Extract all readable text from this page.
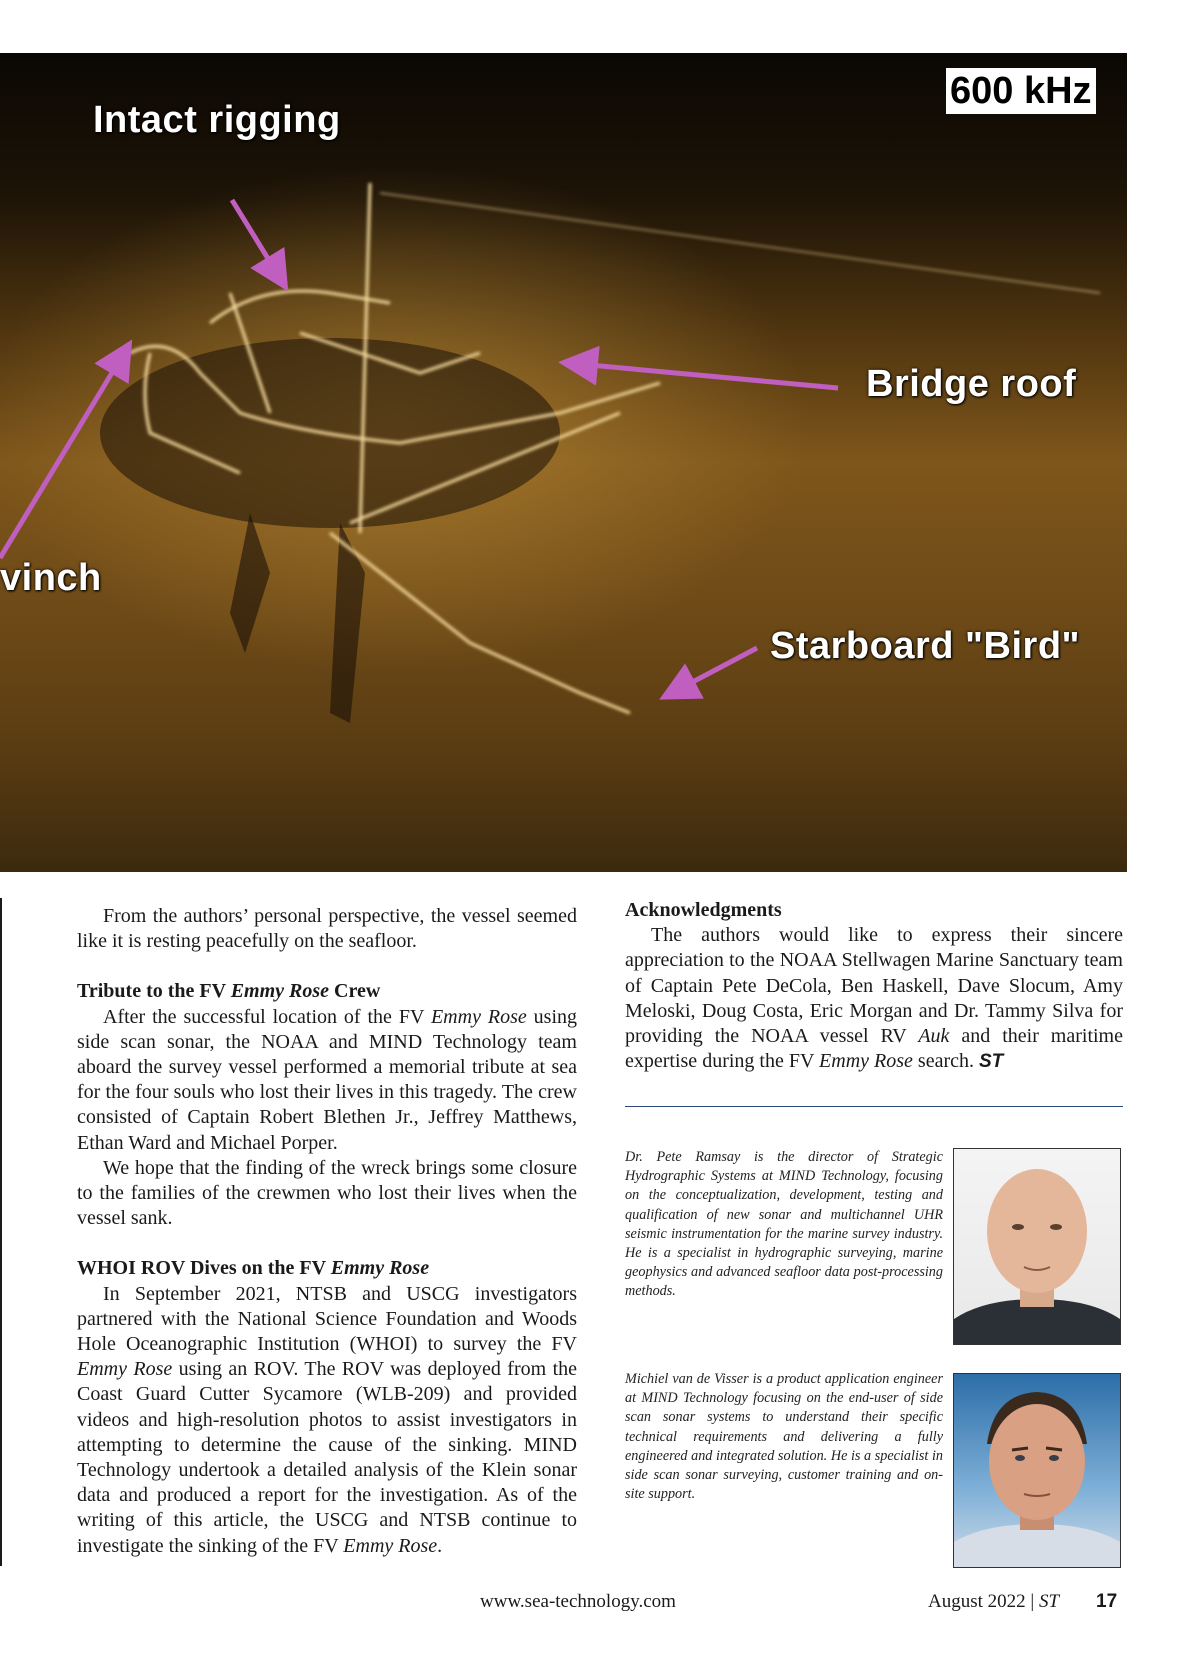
600 kHz
Intact rigging
Bridge roof
vinch
Starboard "Bird"

From the authors’ personal perspective, the vessel seemed like it is resting peacefully on the seafloor.

Tribute to the FV Emmy Rose Crew

After the successful location of the FV Emmy Rose using side scan sonar, the NOAA and MIND Technology team aboard the survey vessel performed a memorial tribute at sea for the four souls who lost their lives in this tragedy. The crew consisted of Captain Robert Blethen Jr., Jeffrey Matthews, Ethan Ward and Michael Porper.

We hope that the finding of the wreck brings some closure to the families of the crewmen who lost their lives when the vessel sank.

WHOI ROV Dives on the FV Emmy Rose

In September 2021, NTSB and USCG investigators partnered with the National Science Foundation and Woods Hole Oceanographic Institution (WHOI) to survey the FV Emmy Rose using an ROV. The ROV was deployed from the Coast Guard Cutter Sycamore (WLB-209) and provided videos and high-resolution photos to assist investigators in attempting to determine the cause of the sinking. MIND Technology undertook a detailed analysis of the Klein sonar data and produced a report for the investigation. As of the writing of this article, the USCG and NTSB continue to investigate the sinking of the FV Emmy Rose.

Acknowledgments

The authors would like to express their sincere appreciation to the NOAA Stellwagen Marine Sanctuary team of Captain Pete DeCola, Ben Haskell, Dave Slocum, Amy Meloski, Doug Costa, Eric Morgan and Dr. Tammy Silva for providing the NOAA vessel RV Auk and their maritime expertise during the FV Emmy Rose search. ST

Dr. Pete Ramsay is the director of Strategic Hydrographic Systems at MIND Technology, focusing on the conceptualization, development, testing and qualification of new sonar and multichannel UHR seismic instrumentation for the marine survey industry. He is a specialist in hydrographic surveying, marine geophysics and advanced seafloor data post-processing methods.
Michiel van de Visser is a product application engineer at MIND Technology focusing on the end-user of side scan sonar systems to understand their specific technical requirements and delivering a fully engineered and integrated solution. He is a specialist in side scan sonar surveying, customer training and on-site support.
www.sea-technology.com	August 2022 | ST 17
